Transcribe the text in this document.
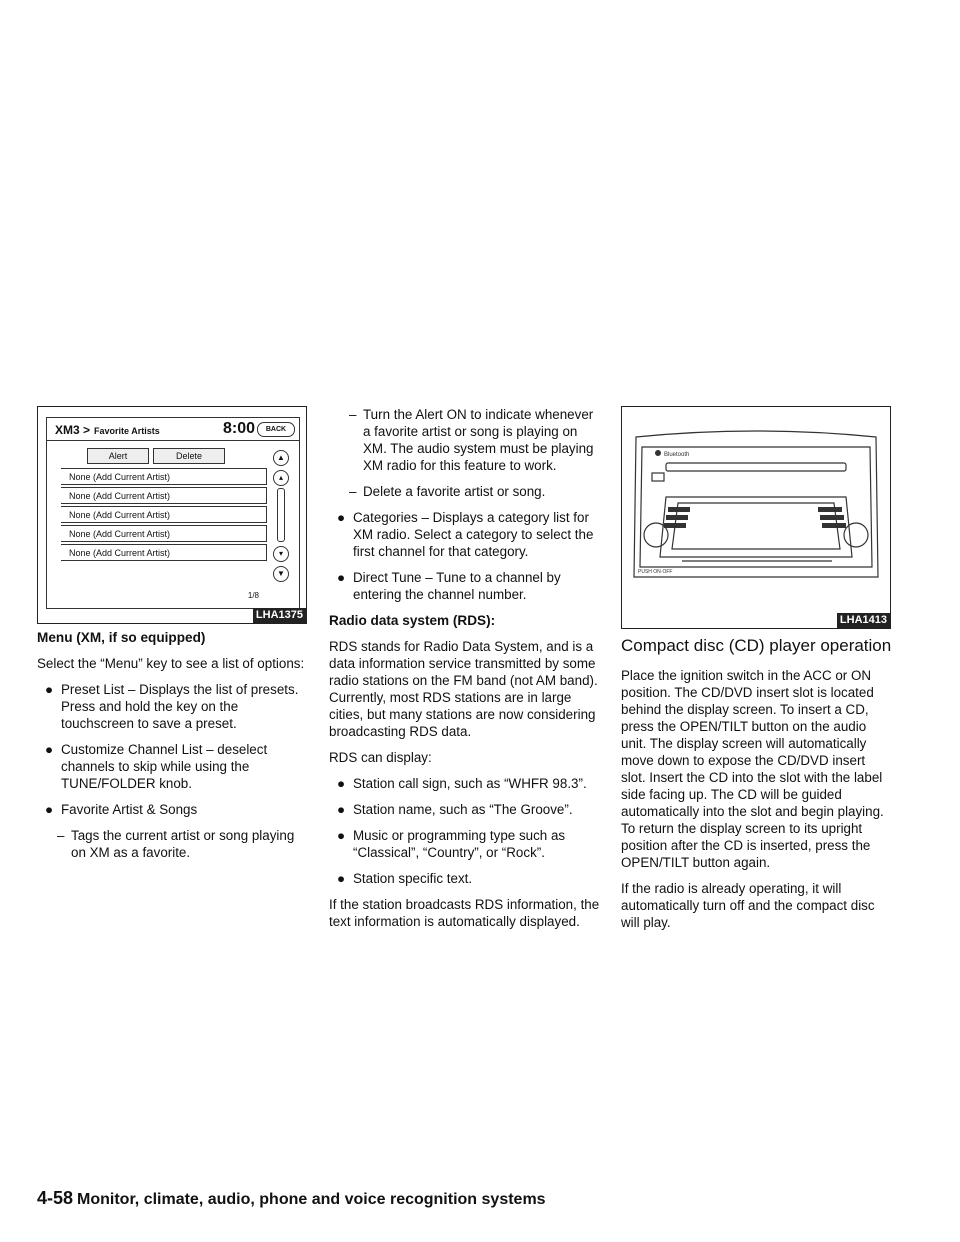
XM3 > Favorite Artists	8:00	BACK
Alert	Delete
None (Add Current Artist)
None (Add Current Artist)
None (Add Current Artist)
None (Add Current Artist)
None (Add Current Artist)
▲
▴
▾
▼
1/8
LHA1375
Menu (XM, if so equipped)

Select the “Menu” key to see a list of options:

● Preset List – Displays the list of presets. Press and hold the key on the touchscreen to save a preset.
● Customize Channel List – deselect channels to skip while using the TUNE/FOLDER knob.
● Favorite Artist & Songs
– Tags the current artist or song playing on XM as a favorite.
– Turn the Alert ON to indicate whenever a favorite artist or song is playing on XM. The audio system must be playing XM radio for this feature to work.
– Delete a favorite artist or song.
● Categories – Displays a category list for XM radio. Select a category to select the first channel for that category.
● Direct Tune – Tune to a channel by entering the channel number.
Radio data system (RDS):

RDS stands for Radio Data System, and is a data information service transmitted by some radio stations on the FM band (not AM band). Currently, most RDS stations are in large cities, but many stations are now considering broadcasting RDS data.

RDS can display:

● Station call sign, such as “WHFR 98.3”.
● Station name, such as “The Groove”.
● Music or programming type such as “Classical”, “Country”, or “Rock”.
● Station specific text.

If the station broadcasts RDS information, the text information is automatically displayed.

Bluetooth
PUSH ON·OFF
LHA1413
Compact disc (CD) player operation

Place the ignition switch in the ACC or ON position. The CD/DVD insert slot is located behind the display screen. To insert a CD, press the OPEN/TILT button on the audio unit. The display screen will automatically move down to expose the CD/DVD insert slot. Insert the CD into the slot with the label side facing up. The CD will be guided automatically into the slot and begin playing. To return the display screen to its upright position after the CD is inserted, press the OPEN/TILT button again.

If the radio is already operating, it will automatically turn off and the compact disc will play.

4-58 Monitor, climate, audio, phone and voice recognition systems
